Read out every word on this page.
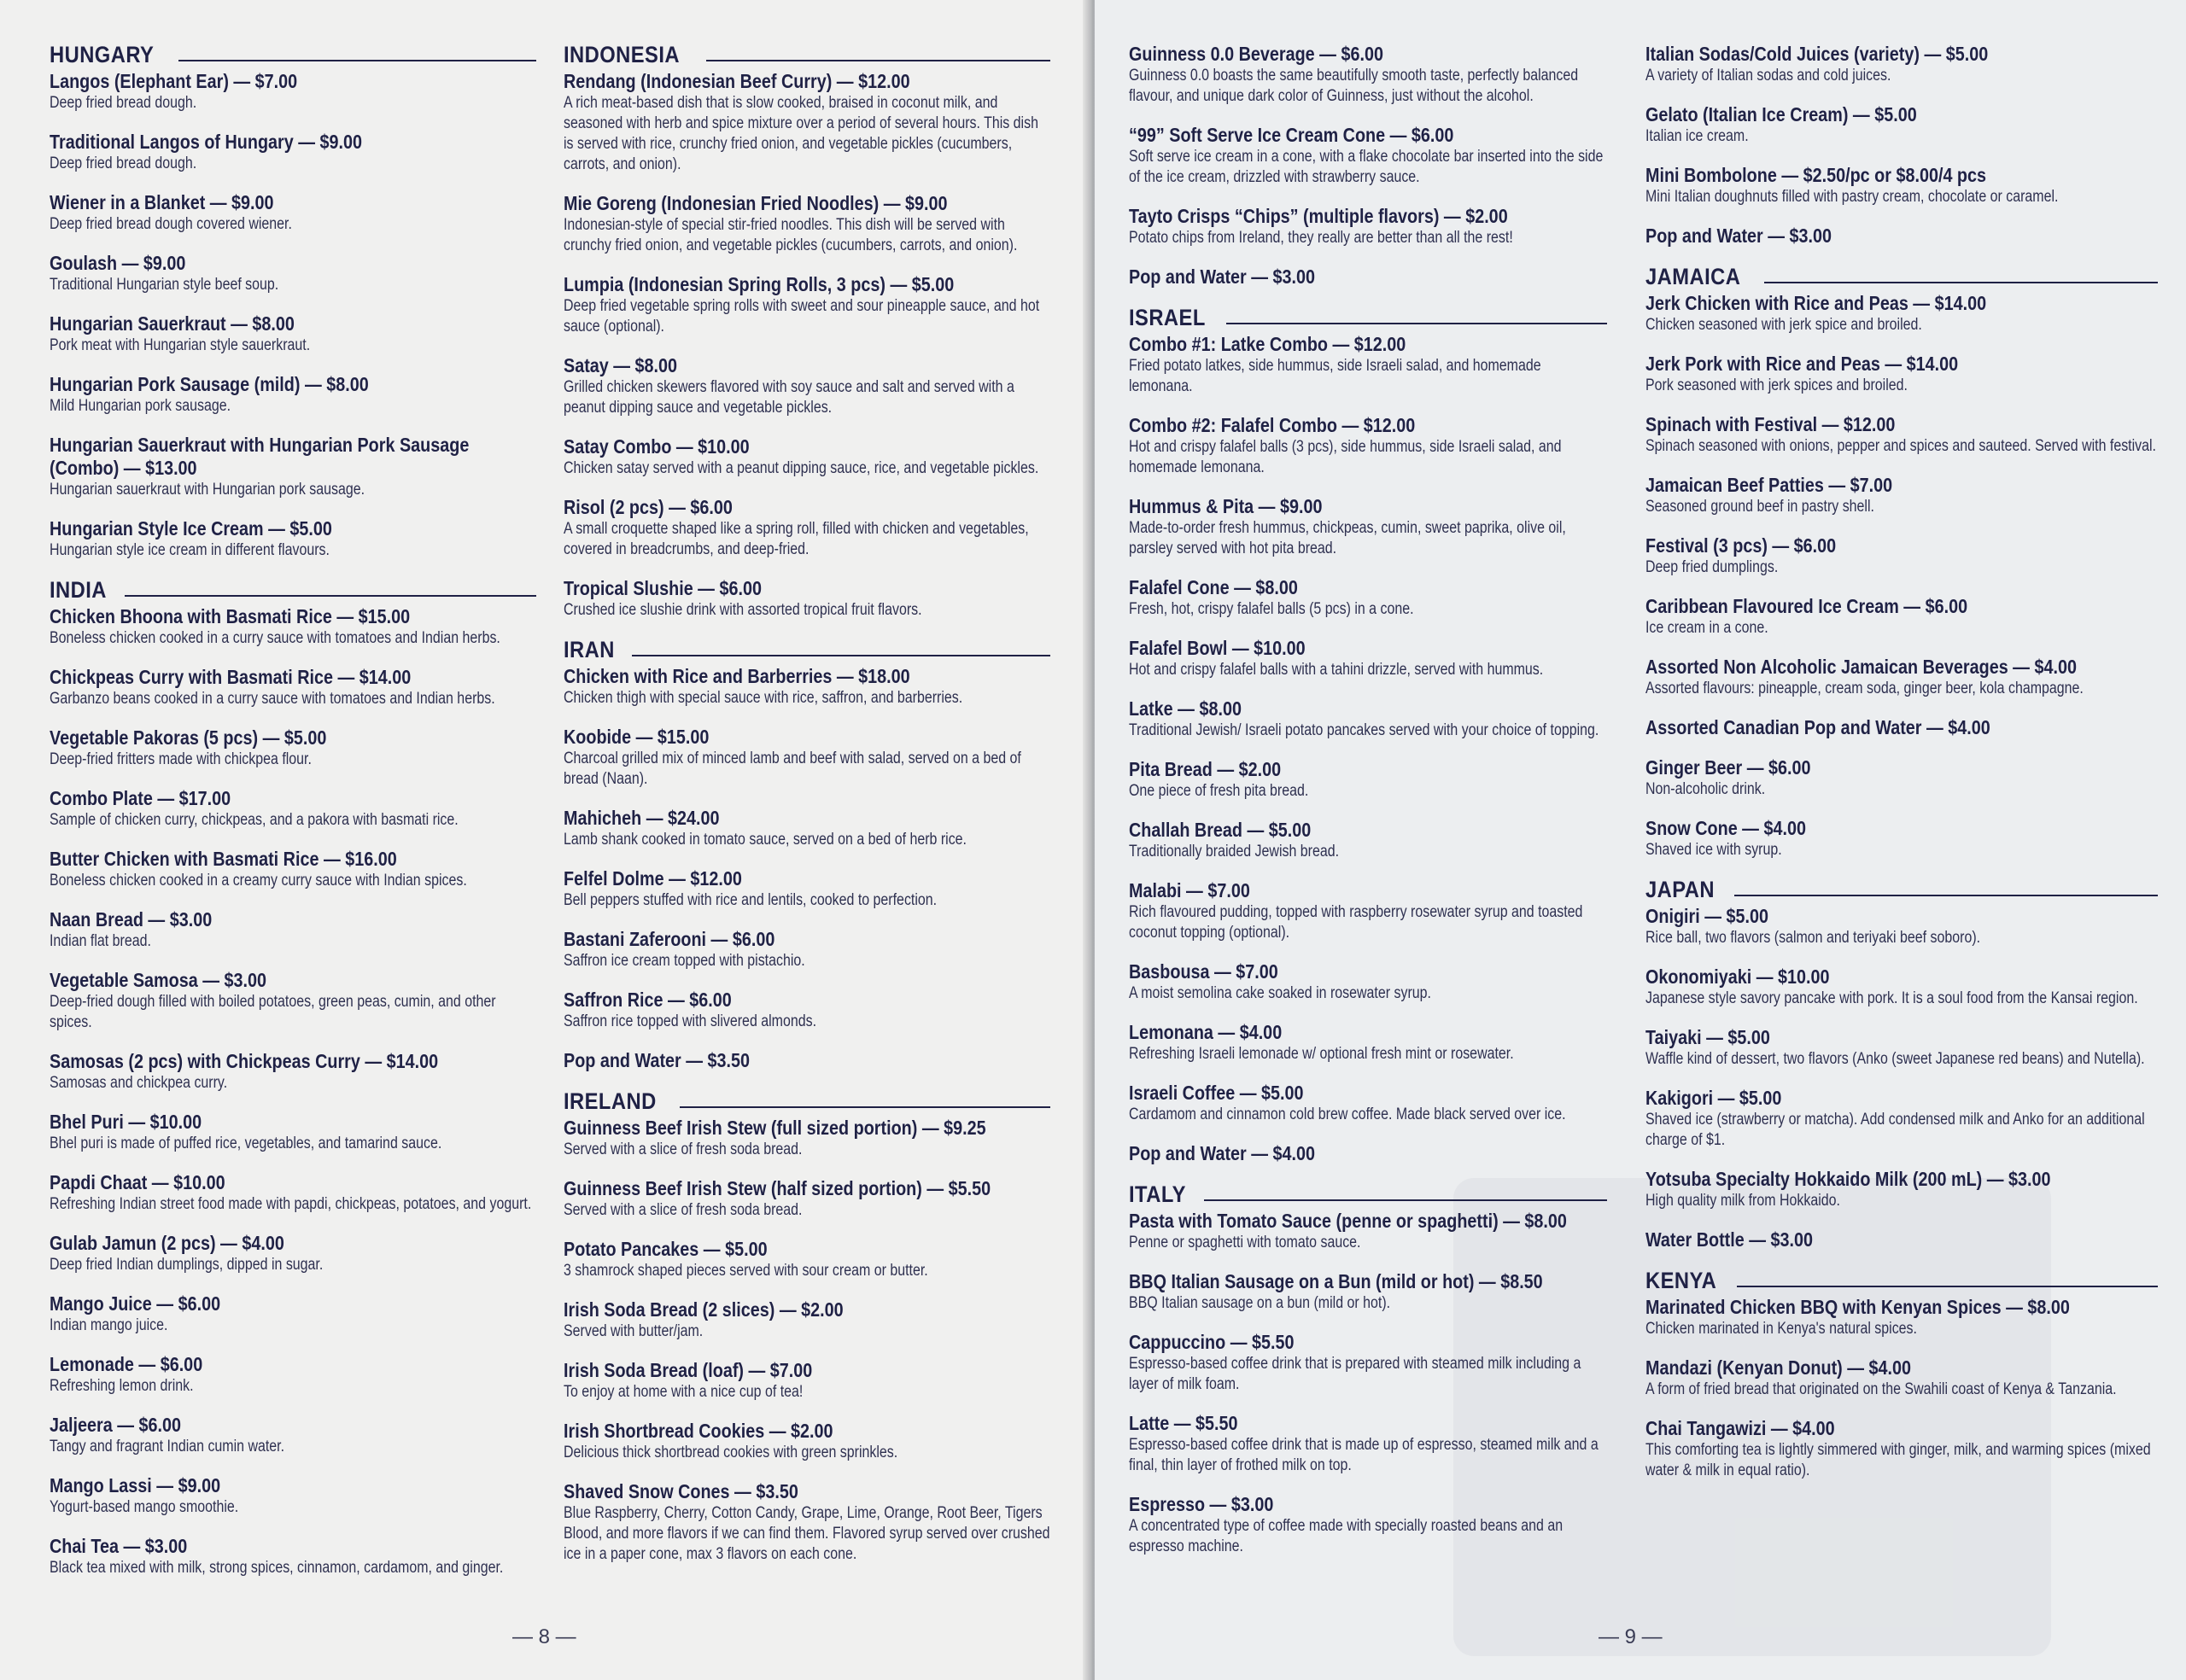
HUNGARY
Langos (Elephant Ear) — $7.00
Deep fried bread dough.
Traditional Langos of Hungary — $9.00
Deep fried bread dough.
Wiener in a Blanket — $9.00
Deep fried bread dough covered wiener.
Goulash — $9.00
Traditional Hungarian style beef soup.
Hungarian Sauerkraut — $8.00
Pork meat with Hungarian style sauerkraut.
Hungarian Pork Sausage (mild) — $8.00
Mild Hungarian pork sausage.
Hungarian Sauerkraut with Hungarian Pork Sausage (Combo) — $13.00
Hungarian sauerkraut with Hungarian pork sausage.
Hungarian Style Ice Cream — $5.00
Hungarian style ice cream in different flavours.
INDIA
Chicken Bhoona with Basmati Rice — $15.00
Boneless chicken cooked in a curry sauce with tomatoes and Indian herbs.
Chickpeas Curry with Basmati Rice — $14.00
Garbanzo beans cooked in a curry sauce with tomatoes and Indian herbs.
Vegetable Pakoras (5 pcs) — $5.00
Deep-fried fritters made with chickpea flour.
Combo Plate — $17.00
Sample of chicken curry, chickpeas, and a pakora with basmati rice.
Butter Chicken with Basmati Rice — $16.00
Boneless chicken cooked in a creamy curry sauce with Indian spices.
Naan Bread — $3.00
Indian flat bread.
Vegetable Samosa — $3.00
Deep-fried dough filled with boiled potatoes, green peas, cumin, and other spices.
Samosas (2 pcs) with Chickpeas Curry — $14.00
Samosas and chickpea curry.
Bhel Puri — $10.00
Bhel puri is made of puffed rice, vegetables, and tamarind sauce.
Papdi Chaat — $10.00
Refreshing Indian street food made with papdi, chickpeas, potatoes, and yogurt.
Gulab Jamun (2 pcs) — $4.00
Deep fried Indian dumplings, dipped in sugar.
Mango Juice — $6.00
Indian mango juice.
Lemonade — $6.00
Refreshing lemon drink.
Jaljeera — $6.00
Tangy and fragrant Indian cumin water.
Mango Lassi — $9.00
Yogurt-based mango smoothie.
Chai Tea — $3.00
Black tea mixed with milk, strong spices, cinnamon, cardamom, and ginger.
INDONESIA
Rendang (Indonesian Beef Curry) — $12.00
A rich meat-based dish that is slow cooked, braised in coconut milk, and seasoned with herb and spice mixture over a period of several hours. This dish is served with rice, crunchy fried onion, and vegetable pickles (cucumbers, carrots, and onion).
Mie Goreng (Indonesian Fried Noodles) — $9.00
Indonesian-style of special stir-fried noodles. This dish will be served with crunchy fried onion, and vegetable pickles (cucumbers, carrots, and onion).
Lumpia (Indonesian Spring Rolls, 3 pcs) — $5.00
Deep fried vegetable spring rolls with sweet and sour pineapple sauce, and hot sauce (optional).
Satay — $8.00
Grilled chicken skewers flavored with soy sauce and salt and served with a peanut dipping sauce and vegetable pickles.
Satay Combo — $10.00
Chicken satay served with a peanut dipping sauce, rice, and vegetable pickles.
Risol (2 pcs) — $6.00
A small croquette shaped like a spring roll, filled with chicken and vegetables, covered in breadcrumbs, and deep-fried.
Tropical Slushie — $6.00
Crushed ice slushie drink with assorted tropical fruit flavors.
IRAN
Chicken with Rice and Barberries — $18.00
Chicken thigh with special sauce with rice, saffron, and barberries.
Koobide — $15.00
Charcoal grilled mix of minced lamb and beef with salad, served on a bed of bread (Naan).
Mahicheh — $24.00
Lamb shank cooked in tomato sauce, served on a bed of herb rice.
Felfel Dolme — $12.00
Bell peppers stuffed with rice and lentils, cooked to perfection.
Bastani Zaferooni — $6.00
Saffron ice cream topped with pistachio.
Saffron Rice — $6.00
Saffron rice topped with slivered almonds.
Pop and Water — $3.50
IRELAND
Guinness Beef Irish Stew (full sized portion) — $9.25
Served with a slice of fresh soda bread.
Guinness Beef Irish Stew (half sized portion) — $5.50
Served with a slice of fresh soda bread.
Potato Pancakes — $5.00
3 shamrock shaped pieces served with sour cream or butter.
Irish Soda Bread (2 slices) — $2.00
Served with butter/jam.
Irish Soda Bread (loaf) — $7.00
To enjoy at home with a nice cup of tea!
Irish Shortbread Cookies — $2.00
Delicious thick shortbread cookies with green sprinkles.
Shaved Snow Cones — $3.50
Blue Raspberry, Cherry, Cotton Candy, Grape, Lime, Orange, Root Beer, Tigers Blood, and more flavors if we can find them. Flavored syrup served over crushed ice in a paper cone, max 3 flavors on each cone.
— 8 —
Guinness 0.0 Beverage — $6.00
Guinness 0.0 boasts the same beautifully smooth taste, perfectly balanced flavour, and unique dark color of Guinness, just without the alcohol.
“99” Soft Serve Ice Cream Cone — $6.00
Soft serve ice cream in a cone, with a flake chocolate bar inserted into the side of the ice cream, drizzled with strawberry sauce.
Tayto Crisps “Chips” (multiple flavors) — $2.00
Potato chips from Ireland, they really are better than all the rest!
Pop and Water — $3.00
ISRAEL
Combo #1: Latke Combo — $12.00
Fried potato latkes, side hummus, side Israeli salad, and homemade lemonana.
Combo #2: Falafel Combo — $12.00
Hot and crispy falafel balls (3 pcs), side hummus, side Israeli salad, and homemade lemonana.
Hummus & Pita — $9.00
Made-to-order fresh hummus, chickpeas, cumin, sweet paprika, olive oil, parsley served with hot pita bread.
Falafel Cone — $8.00
Fresh, hot, crispy falafel balls (5 pcs) in a cone.
Falafel Bowl — $10.00
Hot and crispy falafel balls with a tahini drizzle, served with hummus.
Latke — $8.00
Traditional Jewish/ Israeli potato pancakes served with your choice of topping.
Pita Bread — $2.00
One piece of fresh pita bread.
Challah Bread — $5.00
Traditionally braided Jewish bread.
Malabi — $7.00
Rich flavoured pudding, topped with raspberry rosewater syrup and toasted coconut topping (optional).
Basbousa — $7.00
A moist semolina cake soaked in rosewater syrup.
Lemonana — $4.00
Refreshing Israeli lemonade w/ optional fresh mint or rosewater.
Israeli Coffee — $5.00
Cardamom and cinnamon cold brew coffee. Made black served over ice.
Pop and Water — $4.00
ITALY
Pasta with Tomato Sauce (penne or spaghetti) — $8.00
Penne or spaghetti with tomato sauce.
BBQ Italian Sausage on a Bun (mild or hot) — $8.50
BBQ Italian sausage on a bun (mild or hot).
Cappuccino — $5.50
Espresso-based coffee drink that is prepared with steamed milk including a layer of milk foam.
Latte — $5.50
Espresso-based coffee drink that is made up of espresso, steamed milk and a final, thin layer of frothed milk on top.
Espresso — $3.00
A concentrated type of coffee made with specially roasted beans and an espresso machine.
Italian Sodas/Cold Juices (variety) — $5.00
A variety of Italian sodas and cold juices.
Gelato (Italian Ice Cream) — $5.00
Italian ice cream.
Mini Bombolone — $2.50/pc or $8.00/4 pcs
Mini Italian doughnuts filled with pastry cream, chocolate or caramel.
Pop and Water — $3.00
JAMAICA
Jerk Chicken with Rice and Peas — $14.00
Chicken seasoned with jerk spice and broiled.
Jerk Pork with Rice and Peas — $14.00
Pork seasoned with jerk spices and broiled.
Spinach with Festival — $12.00
Spinach seasoned with onions, pepper and spices and sauteed. Served with festival.
Jamaican Beef Patties — $7.00
Seasoned ground beef in pastry shell.
Festival (3 pcs) — $6.00
Deep fried dumplings.
Caribbean Flavoured Ice Cream — $6.00
Ice cream in a cone.
Assorted Non Alcoholic Jamaican Beverages — $4.00
Assorted flavours: pineapple, cream soda, ginger beer, kola champagne.
Assorted Canadian Pop and Water — $4.00
Ginger Beer — $6.00
Non-alcoholic drink.
Snow Cone — $4.00
Shaved ice with syrup.
JAPAN
Onigiri — $5.00
Rice ball, two flavors (salmon and teriyaki beef soboro).
Okonomiyaki — $10.00
Japanese style savory pancake with pork. It is a soul food from the Kansai region.
Taiyaki — $5.00
Waffle kind of dessert, two flavors (Anko (sweet Japanese red beans) and Nutella).
Kakigori — $5.00
Shaved ice (strawberry or matcha). Add condensed milk and Anko for an additional charge of $1.
Yotsuba Specialty Hokkaido Milk (200 mL) — $3.00
High quality milk from Hokkaido.
Water Bottle — $3.00
KENYA
Marinated Chicken BBQ with Kenyan Spices — $8.00
Chicken marinated in Kenya's natural spices.
Mandazi (Kenyan Donut) — $4.00
A form of fried bread that originated on the Swahili coast of Kenya & Tanzania.
Chai Tangawizi — $4.00
This comforting tea is lightly simmered with ginger, milk, and warming spices (mixed water & milk in equal ratio).
— 9 —
